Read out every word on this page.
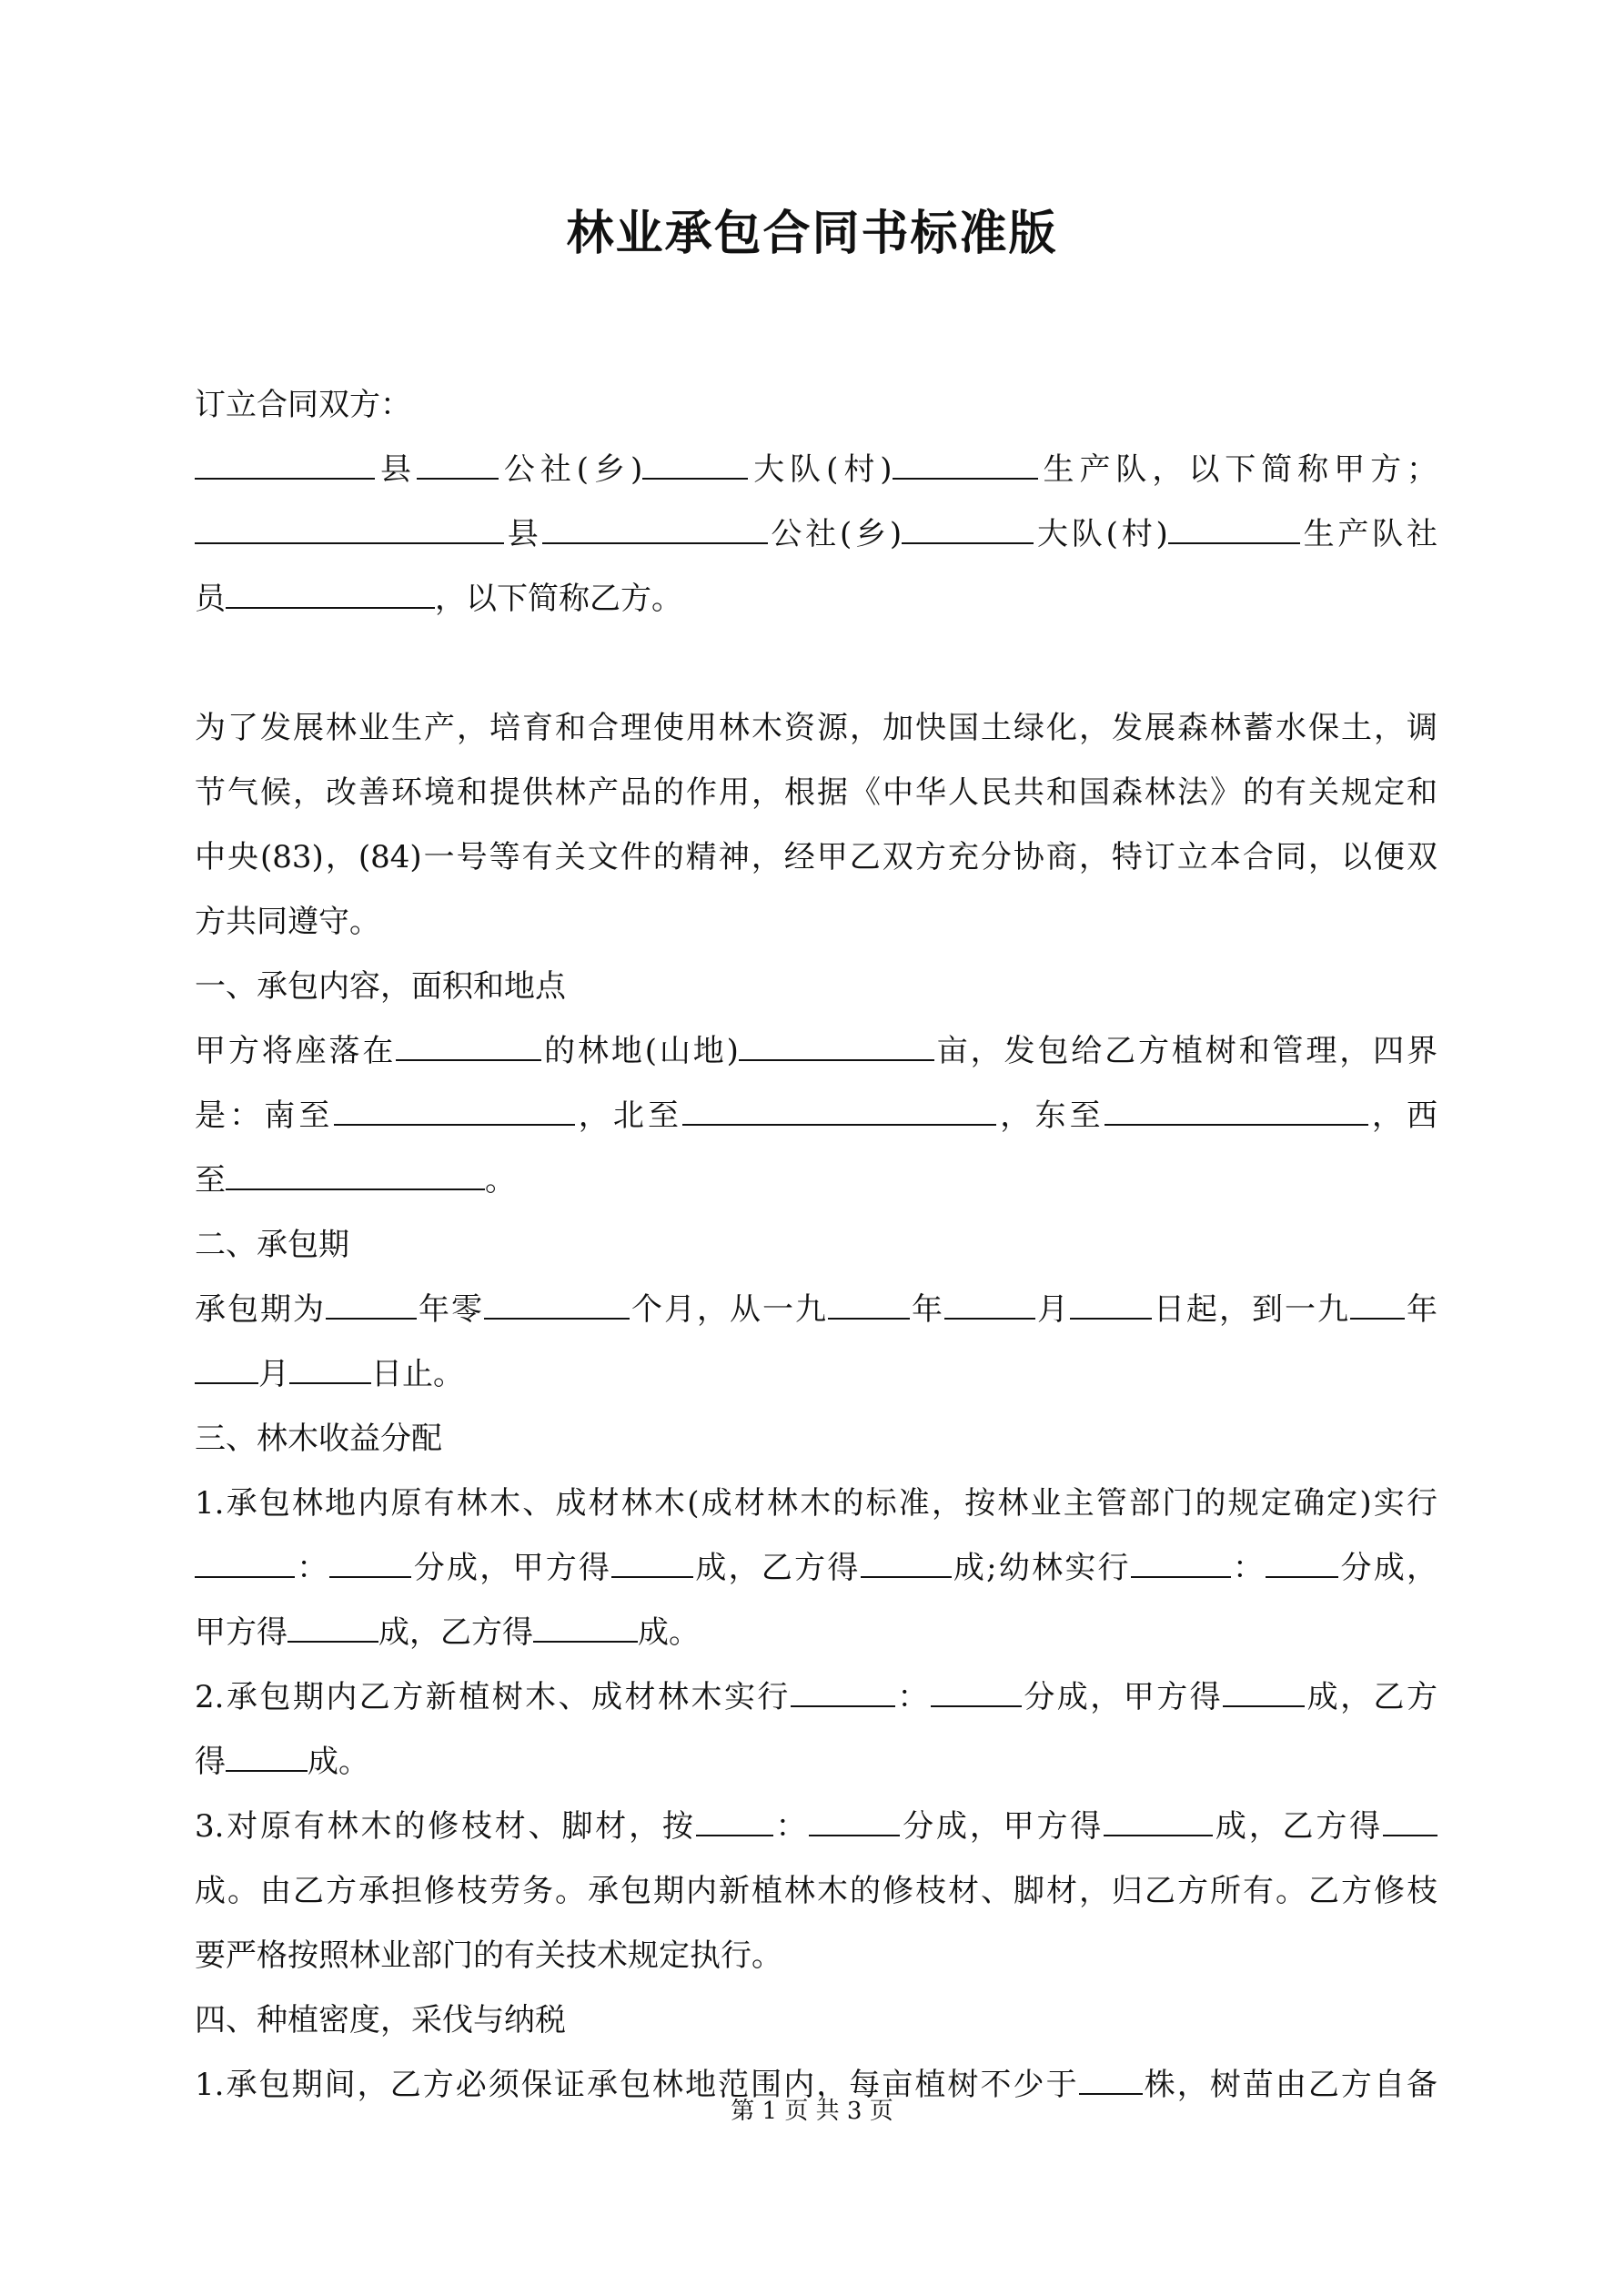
林业承包合同书标准版
订立合同双方：
县	公社(乡)	大队(村)	生产队，以下简称甲方；
县	公社(乡)	大队(村)	生产队社
员	，以下简称乙方。
为了发展林业生产，培育和合理使用林木资源，加快国土绿化，发展森林蓄水保土，调
节气候，改善环境和提供林产品的作用，根据《中华人民共和国森林法》的有关规定和
中央(83)，(84)一号等有关文件的精神，经甲乙双方充分协商，特订立本合同，以便双
方共同遵守。
一、承包内容，面积和地点
甲方将座落在	的林地(山地)	亩，发包给乙方植树和管理，四界
是：南至	，北至	，东至	，西
至	。
二、承包期
承包期为	年零	个月，从一九	年	月	日起，到一九 年
月	日止。
三、林木收益分配
1.承包林地内原有林木、成材林木(成材林木的标准，按林业主管部门的规定确定)实行
：	分成，甲方得	成，乙方得	成;幼林实行	： 分成，
甲方得	成，乙方得	成。
2.承包期内乙方新植树木、成材林木实行	：	分成，甲方得	成，乙方
得	成。
3.对原有林木的修枝材、脚材，按	：	分成，甲方得	成，乙方得
成。由乙方承担修枝劳务。承包期内新植林木的修枝材、脚材，归乙方所有。乙方修枝
要严格按照林业部门的有关技术规定执行。
四、种植密度，采伐与纳税
1.承包期间，乙方必须保证承包林地范围内，每亩植树不少于 株，树苗由乙方自备
第 1 页 共 3 页
